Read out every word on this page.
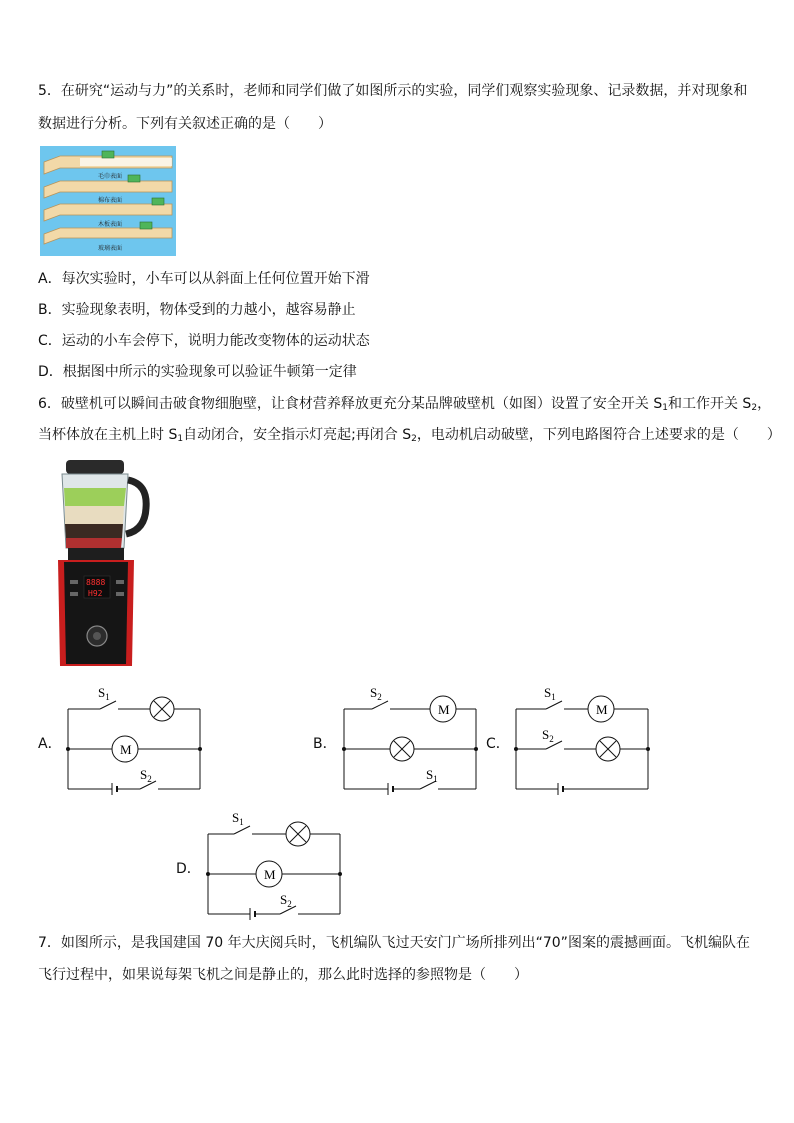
5．在研究“运动与力”的关系时，老师和同学们做了如图所示的实验，同学们观察实验现象、记录数据，并对现象和
数据进行分析。下列有关叙述正确的是（　　）
毛巾表面
棉布表面
木板表面
玻璃表面
A．每次实验时，小车可以从斜面上任何位置开始下滑
B．实验现象表明，物体受到的力越小，越容易静止
C．运动的小车会停下，说明力能改变物体的运动状态
D．根据图中所示的实验现象可以验证牛顿第一定律
6．破壁机可以瞬间击破食物细胞壁，让食材营养释放更充分某品牌破壁机（如图）设置了安全开关 $S_1$和工作开关 $S_2$，
当杯体放在主机上时 $S_1$自动闭合，安全指示灯亮起;再闭合 $S_2$，电动机启动破壁，下列电路图符合上述要求的是（　　）
8888
H92
A．
$S_1$
$S_2$
M	B．
$S_2$
$S_1$
M
C．
$S_1$
$S_2$
M
D．
$S_1$
$S_2$
M
7．如图所示，是我国建国 70 年大庆阅兵时，飞机编队飞过天安门广场所排列出“70”图案的震撼画面。飞机编队在
飞行过程中，如果说每架飞机之间是静止的，那么此时选择的参照物是（　　）
